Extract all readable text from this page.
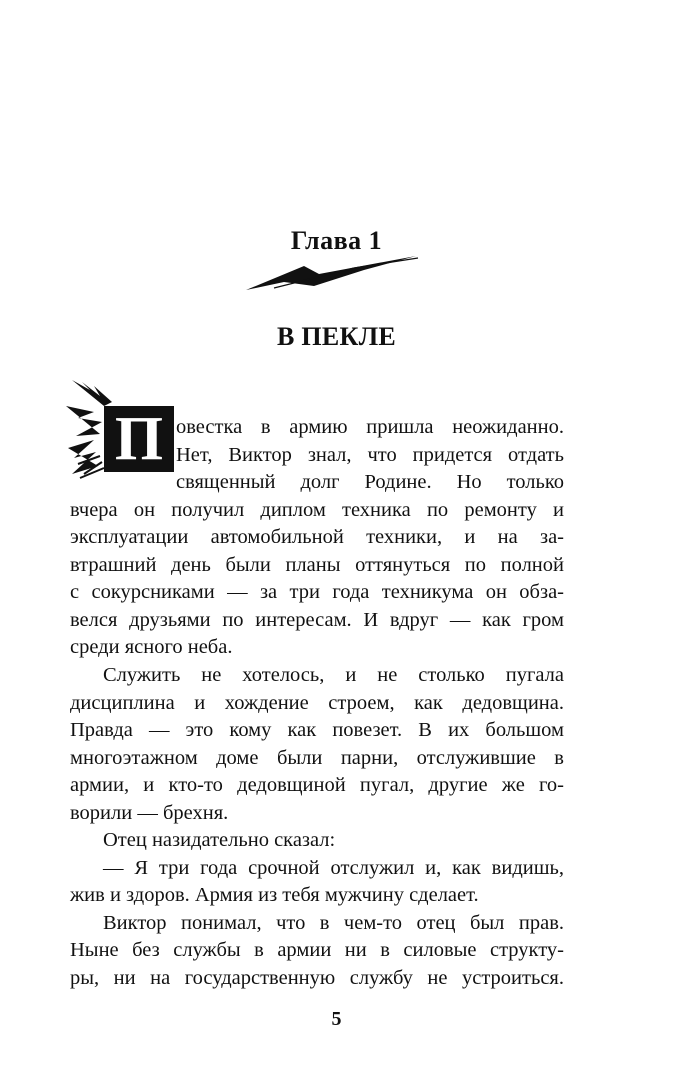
Глава 1
В ПЕКЛЕ
П овестка в армию пришла неожиданно.
Нет, Виктор знал, что придется отдать
священный долг Родине. Но только
вчера он получил диплом техника по ремонту и
эксплуатации автомобильной техники, и на за-
втрашний день были планы оттянуться по полной
с сокурсниками — за три года техникума он обза-
велся друзьями по интересам. И вдруг — как гром
среди ясного неба.
Служить не хотелось, и не столько пугала
дисциплина и хождение строем, как дедовщина.
Правда — это кому как повезет. В их большом
многоэтажном доме были парни, отслужившие в
армии, и кто-то дедовщиной пугал, другие же го-
ворили — брехня.
Отец назидательно сказал:
— Я три года срочной отслужил и, как видишь,
жив и здоров. Армия из тебя мужчину сделает.
Виктор понимал, что в чем-то отец был прав.
Ныне без службы в армии ни в силовые структу-
ры, ни на государственную службу не устроиться.
5
